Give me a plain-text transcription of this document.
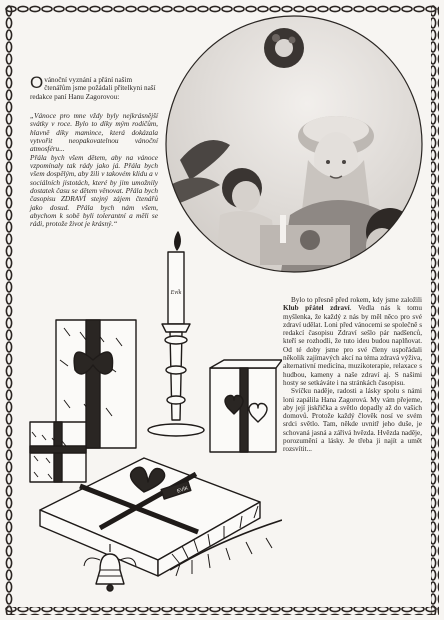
Ovánoční vyznání a přání našim čtenářům jsme požádali přítelkyni naší redakce paní Hanu Zagorovou:
„Vánoce pro mne vždy byly nejkrásnější svátky v roce. Bylo to díky mým rodičům, hlavně díky mamince, která dokázala vytvořit neopakovatelnou vánoční atmosféru...
Přála bych všem dětem, aby na vánoce vzpomínaly tak rády jako já. Přála bych všem dospělým, aby žili v takovém klidu a v sociálních jistotách, které by jim umožnily dostatek času se dětem věnovat. Přála bych časopisu ZDRAVÍ stejný zájem čtenářů jako dosud. Přála bych nám všem, abychom k sobě byli tolerantní a měli se rádi, protože život je krásný.“
Evík
EVÍK

Bylo to přesně před rokem, kdy jsme založili Klub přátel zdraví. Vedla nás k tomu myšlenka, že každý z nás by měl něco pro své zdraví udělat. Loni před vánocemi se společně s redakcí časopisu Zdraví sešlo pár nadšenců, kteří se rozhodli, že tuto ideu budou naplňovat. Od té doby jsme pro své členy uspořádali několik zajímavých akcí na téma zdravá výživa, alternativní medicína, muzikoterapie, relaxace s hudbou, kameny a naše zdraví aj. S našimi hosty se setkáváte i na stránkách časopisu.

Svíčku naděje, radosti a lásky spolu s námi loni zapálila Hana Zagorová. My vám přejeme, aby její jiskřička a světlo dopadly až do vašich domovů. Protože každý člověk nosí ve svém srdci světlo. Tam, někde uvnitř jeho duše, je schovaná jasná a zářivá hvězda. Hvězda naděje, porozumění a lásky. Je třeba ji najít a umět rozsvítit...
